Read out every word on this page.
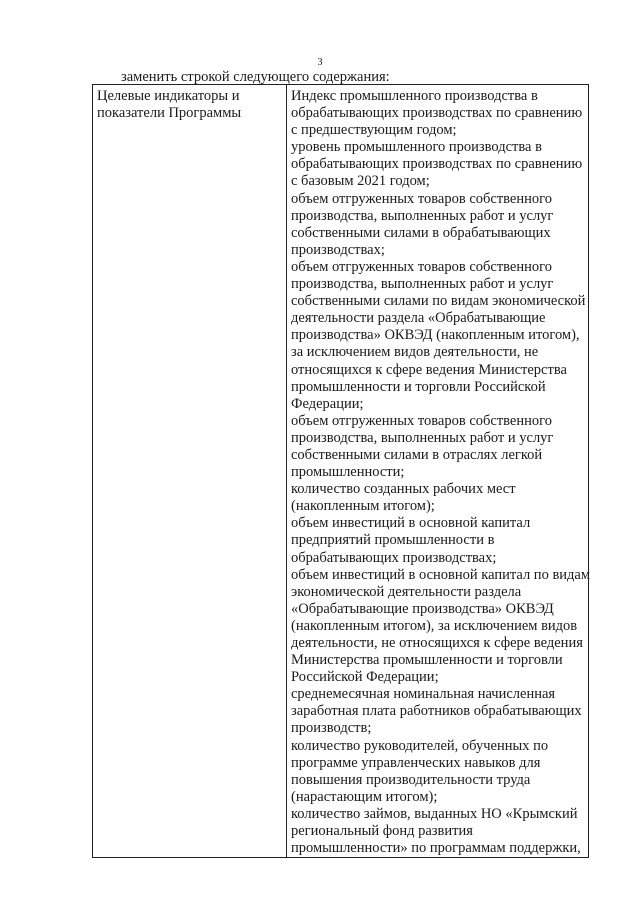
3
заменить строкой следующего содержания:
Целевые индикаторы и
показатели Программы

Индекс промышленного производства в
обрабатывающих производствах по сравнению
с предшествующим годом;
уровень промышленного производства в
обрабатывающих производствах по сравнению
с базовым 2021 годом;
объем отгруженных товаров собственного
производства, выполненных работ и услуг
собственными силами в обрабатывающих
производствах;
объем отгруженных товаров собственного
производства, выполненных работ и услуг
собственными силами по видам экономической
деятельности раздела «Обрабатывающие
производства» ОКВЭД (накопленным итогом),
за исключением видов деятельности, не
относящихся к сфере ведения Министерства
промышленности и торговли Российской
Федерации;
объем отгруженных товаров собственного
производства, выполненных работ и услуг
собственными силами в отраслях легкой
промышленности;
количество созданных рабочих мест
(накопленным итогом);
объем инвестиций в основной капитал
предприятий промышленности в
обрабатывающих производствах;
объем инвестиций в основной капитал по видам
экономической деятельности раздела
«Обрабатывающие производства» ОКВЭД
(накопленным итогом), за исключением видов
деятельности, не относящихся к сфере ведения
Министерства промышленности и торговли
Российской Федерации;
среднемесячная номинальная начисленная
заработная плата работников обрабатывающих
производств;
количество руководителей, обученных по
программе управленческих навыков для
повышения производительности труда
(нарастающим итогом);
количество займов, выданных НО «Крымский
региональный фонд развития
промышленности» по программам поддержки,
